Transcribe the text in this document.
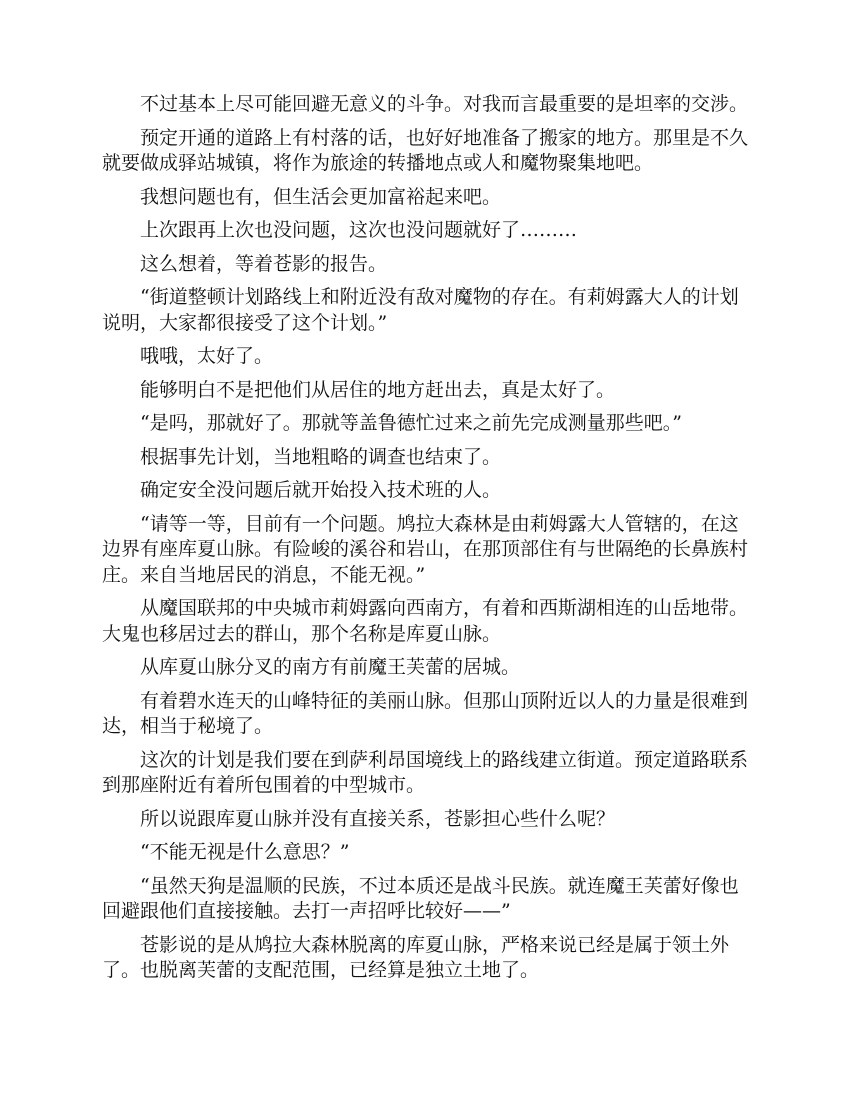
不过基本上尽可能回避无意义的斗争。对我而言最重要的是坦率的交涉。

预定开通的道路上有村落的话，也好好地准备了搬家的地方。那里是不久就要做成驿站城镇，将作为旅途的转播地点或人和魔物聚集地吧。

我想问题也有，但生活会更加富裕起来吧。

上次跟再上次也没问题，这次也没问题就好了………

这么想着，等着苍影的报告。

“街道整顿计划路线上和附近没有敌对魔物的存在。有莉姆露大人的计划说明，大家都很接受了这个计划。”

哦哦，太好了。

能够明白不是把他们从居住的地方赶出去，真是太好了。

“是吗，那就好了。那就等盖鲁德忙过来之前先完成测量那些吧。”

根据事先计划，当地粗略的调查也结束了。

确定安全没问题后就开始投入技术班的人。

“请等一等，目前有一个问题。鸠拉大森林是由莉姆露大人管辖的，在这边界有座库夏山脉。有险峻的溪谷和岩山，在那顶部住有与世隔绝的长鼻族村庄。来自当地居民的消息，不能无视。”

从魔国联邦的中央城市莉姆露向西南方，有着和西斯湖相连的山岳地带。大鬼也移居过去的群山，那个名称是库夏山脉。

从库夏山脉分叉的南方有前魔王芙蕾的居城。

有着碧水连天的山峰特征的美丽山脉。但那山顶附近以人的力量是很难到达，相当于秘境了。

这次的计划是我们要在到萨利昂国境线上的路线建立街道。预定道路联系到那座附近有着所包围着的中型城市。

所以说跟库夏山脉并没有直接关系，苍影担心些什么呢？

“不能无视是什么意思？”

“虽然天狗是温顺的民族，不过本质还是战斗民族。就连魔王芙蕾好像也回避跟他们直接接触。去打一声招呼比较好——”

苍影说的是从鸠拉大森林脱离的库夏山脉，严格来说已经是属于领土外了。也脱离芙蕾的支配范围，已经算是独立土地了。
